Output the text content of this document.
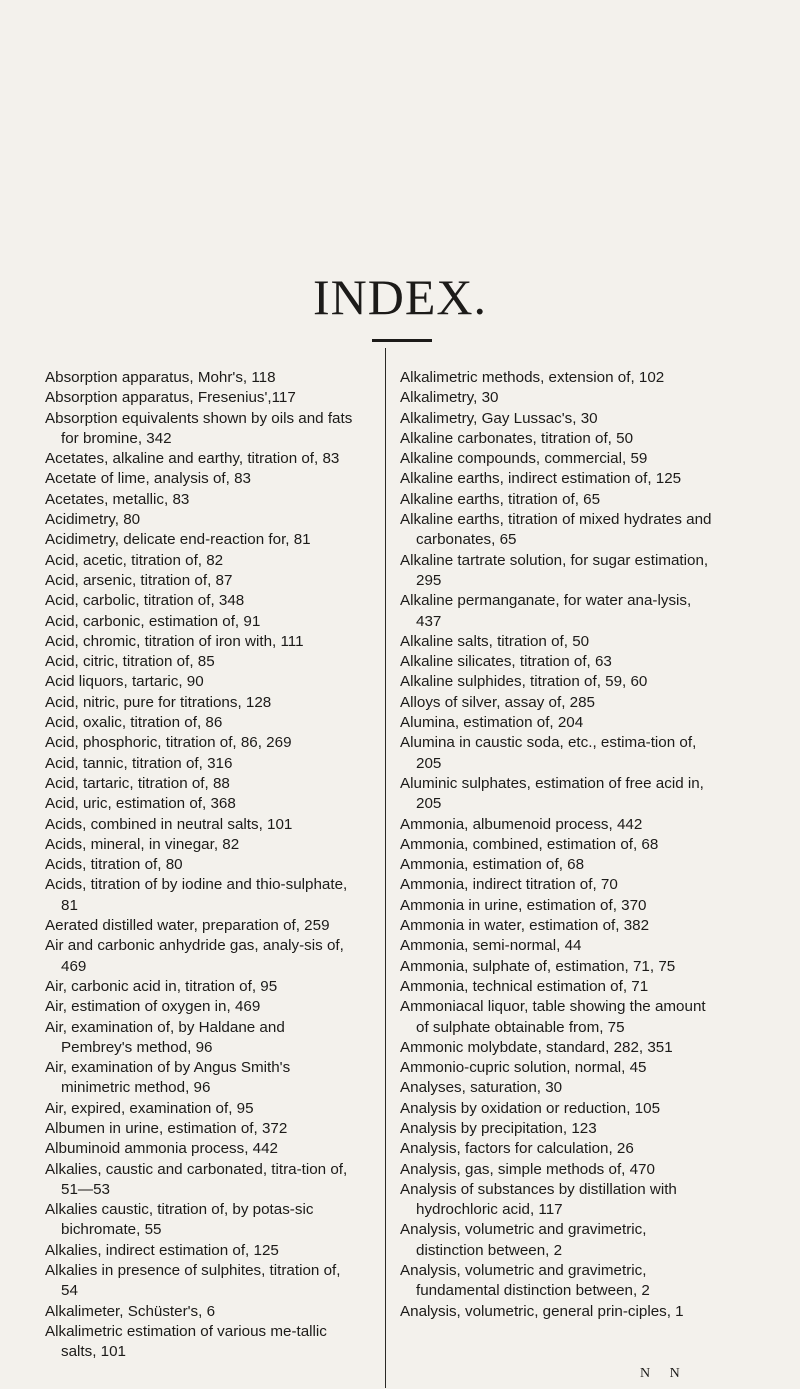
INDEX.
Absorption apparatus, Mohr's, 118
Absorption apparatus, Fresenius',117
Absorption equivalents shown by oils and fats for bromine, 342
Acetates, alkaline and earthy, titration of, 83
Acetate of lime, analysis of, 83
Acetates, metallic, 83
Acidimetry, 80
Acidimetry, delicate end-reaction for, 81
Acid, acetic, titration of, 82
Acid, arsenic, titration of, 87
Acid, carbolic, titration of, 348
Acid, carbonic, estimation of, 91
Acid, chromic, titration of iron with, 111
Acid, citric, titration of, 85
Acid liquors, tartaric, 90
Acid, nitric, pure for titrations, 128
Acid, oxalic, titration of, 86
Acid, phosphoric, titration of, 86, 269
Acid, tannic, titration of, 316
Acid, tartaric, titration of, 88
Acid, uric, estimation of, 368
Acids, combined in neutral salts, 101
Acids, mineral, in vinegar, 82
Acids, titration of, 80
Acids, titration of by iodine and thio-sulphate, 81
Aerated distilled water, preparation of, 259
Air and carbonic anhydride gas, analy-sis of, 469
Air, carbonic acid in, titration of, 95
Air, estimation of oxygen in, 469
Air, examination of, by Haldane and Pembrey's method, 96
Air, examination of by Angus Smith's minimetric method, 96
Air, expired, examination of, 95
Albumen in urine, estimation of, 372
Albuminoid ammonia process, 442
Alkalies, caustic and carbonated, titra-tion of, 51—53
Alkalies caustic, titration of, by potas-sic bichromate, 55
Alkalies, indirect estimation of, 125
Alkalies in presence of sulphites, titration of, 54
Alkalimeter, Schüster's, 6
Alkalimetric estimation of various me-tallic salts, 101
Alkalimetric methods, extension of, 102
Alkalimetry, 30
Alkalimetry, Gay Lussac's, 30
Alkaline carbonates, titration of, 50
Alkaline compounds, commercial, 59
Alkaline earths, indirect estimation of, 125
Alkaline earths, titration of, 65
Alkaline earths, titration of mixed hydrates and carbonates, 65
Alkaline tartrate solution, for sugar estimation, 295
Alkaline permanganate, for water ana-lysis, 437
Alkaline salts, titration of, 50
Alkaline silicates, titration of, 63
Alkaline sulphides, titration of, 59, 60
Alloys of silver, assay of, 285
Alumina, estimation of, 204
Alumina in caustic soda, etc., estima-tion of, 205
Aluminic sulphates, estimation of free acid in, 205
Ammonia, albumenoid process, 442
Ammonia, combined, estimation of, 68
Ammonia, estimation of, 68
Ammonia, indirect titration of, 70
Ammonia in urine, estimation of, 370
Ammonia in water, estimation of, 382
Ammonia, semi-normal, 44
Ammonia, sulphate of, estimation, 71, 75
Ammonia, technical estimation of, 71
Ammoniacal liquor, table showing the amount of sulphate obtainable from, 75
Ammonic molybdate, standard, 282, 351
Ammonio-cupric solution, normal, 45
Analyses, saturation, 30
Analysis by oxidation or reduction, 105
Analysis by precipitation, 123
Analysis, factors for calculation, 26
Analysis, gas, simple methods of, 470
Analysis of substances by distillation with hydrochloric acid, 117
Analysis, volumetric and gravimetric, distinction between, 2
Analysis, volumetric and gravimetric, fundamental distinction between, 2
Analysis, volumetric, general prin-ciples, 1
N N
